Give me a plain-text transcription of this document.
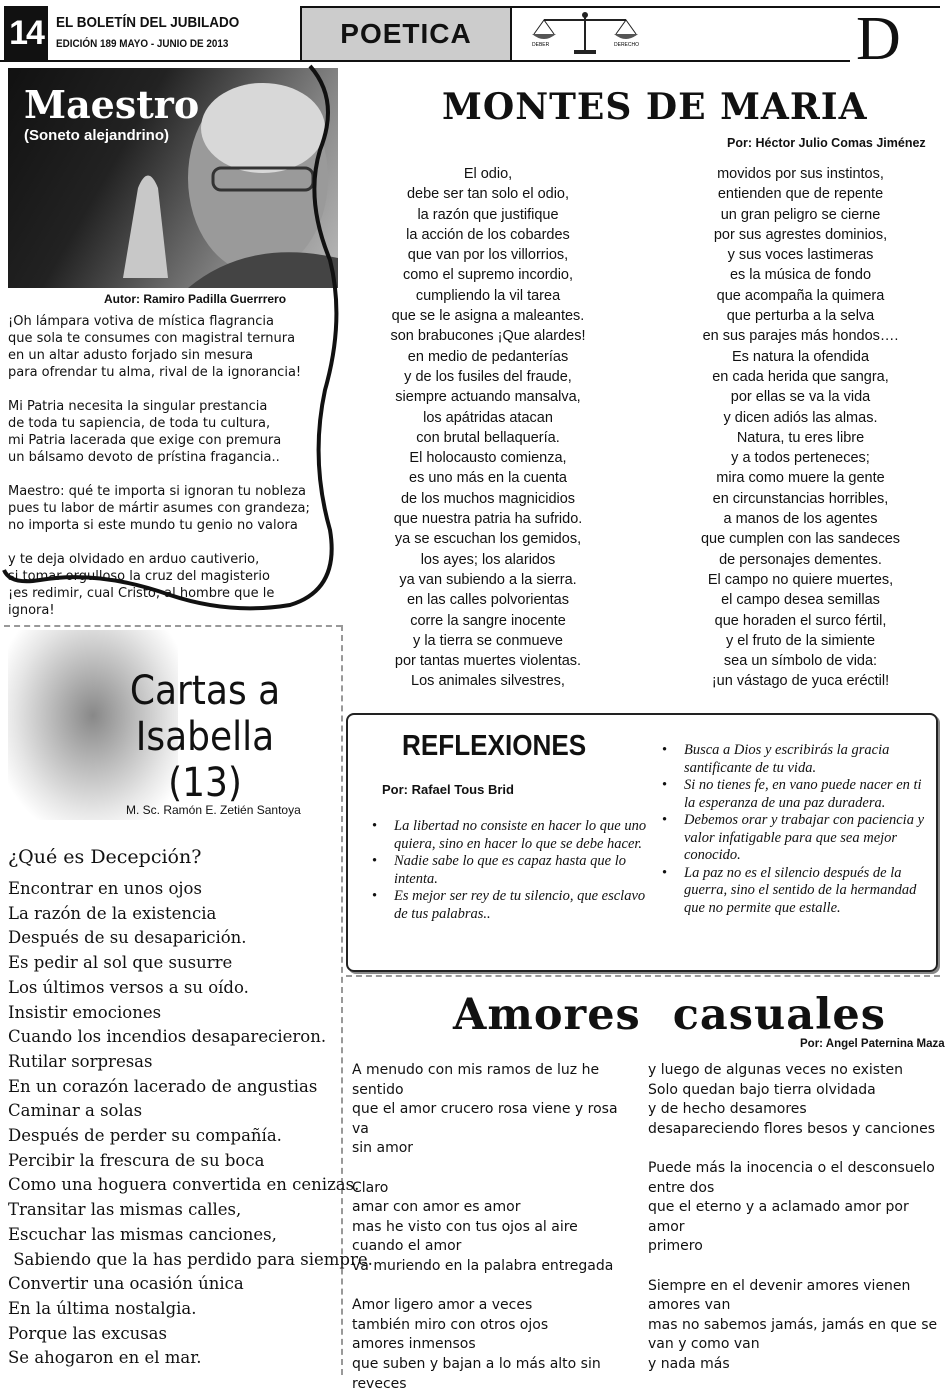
14 EL BOLETÍN DEL JUBILADO
EDICIÓN 189 MAYO - JUNIO DE 2013	POETICA	DEBER	DERECHO	D
Maestro
(Soneto alejandrino)
Autor: Ramiro Padilla Guerrrero
¡Oh lámpara votiva de mística flagrancia
que sola te consumes con magistral ternura
en un altar adusto forjado sin mesura
para ofrendar tu alma, rival de la ignorancia!
Mi Patria necesita la singular prestancia
de toda tu sapiencia, de toda tu cultura,
mi Patria lacerada que exige con premura
un bálsamo devoto de prístina fragancia..
Maestro: qué te importa si ignoran tu nobleza
pues tu labor de mártir asumes con grandeza;
no importa si este mundo tu genio no valora
y te deja olvidado en arduo cautiverio,
si tomar orgulloso la cruz del magisterio
¡es redimir, cual Cristo, al hombre que le ignora!
Cartas a Isabella
(13)
M. Sc. Ramón E. Zetién Santoya
¿Qué es Decepción?
Encontrar en unos ojos
La razón de la existencia
Después de su desaparición.
Es pedir al sol que susurre
Los últimos versos a su oído.
Insistir emociones
Cuando los incendios desaparecieron.
Rutilar sorpresas
En un corazón lacerado de angustias
Caminar a solas
Después de perder su compañía.
Percibir la frescura de su boca
Como una hoguera convertida en cenizas.
Transitar las mismas calles,
Escuchar las mismas canciones,
Sabiendo que la has perdido para siempre.
Convertir una ocasión única
En la última nostalgia.
Porque las excusas
Se ahogaron en el mar.
MONTES DE MARIA
Por: Héctor Julio Comas Jiménez
El odio,
debe ser tan solo el odio,
la razón que justifique
la acción de los cobardes
que van por los villorrios,
como el supremo incordio,
cumpliendo la vil tarea
que se le asigna a maleantes.
son brabucones ¡Que alardes!
en medio de pedanterías
y de los fusiles del fraude,
siempre actuando mansalva,
los apátridas atacan
con brutal bellaquería.
El holocausto comienza,
es uno más en la cuenta
de los muchos magnicidios
que nuestra patria ha sufrido.
ya se escuchan los gemidos,
los ayes; los alaridos
ya van subiendo a la sierra.
en las calles polvorientas
corre la sangre inocente
y la tierra se conmueve
por tantas muertes violentas.
Los animales silvestres,
movidos por sus instintos,
entienden que de repente
un gran peligro se cierne
por sus agrestes dominios,
y sus voces lastimeras
es la música de fondo
que acompaña la quimera
que perturba a la selva
en sus parajes más hondos….
Es natura la ofendida
en cada herida que sangra,
por ellas se va la vida
y dicen adiós las almas.
Natura, tu eres libre
y a todos perteneces;
mira como muere la gente
en circunstancias horribles,
a manos de los agentes
que cumplen con las sandeces
de personajes dementes.
El campo no quiere muertes,
el campo desea semillas
que horaden el surco fértil,
y el fruto de la simiente
sea un símbolo de vida:
¡un vástago de yuca eréctil!
REFLEXIONES
Por: Rafael Tous Brid
• La libertad no consiste en hacer lo que uno quiera, sino en hacer lo que se debe hacer.
• Nadie sabe lo que es capaz hasta que lo intenta.
• Es mejor ser rey de tu silencio, que esclavo de tus palabras..
• Busca a Dios y escribirás la gracia santificante de tu vida.
• Si no tienes fe, en vano puede nacer en ti la esperanza de una paz duradera.
• Debemos orar y trabajar con paciencia y valor infatigable para que sea mejor conocido.
• La paz no es el silencio después de la guerra, sino el sentido de la hermandad que no permite que estalle.
Amores  casuales
Por: Angel Paternina Maza
A menudo con mis ramos de luz he
sentido
que el amor crucero rosa viene y rosa va
sin amor
Claro
amar con amor es amor
mas he visto con tus ojos al aire
cuando el amor
va muriendo en la palabra entregada
Amor ligero amor a veces
también miro con otros ojos
amores inmensos
que suben y bajan a lo más alto sin
reveces
y luego de algunas veces no existen
Solo quedan bajo tierra olvidada
y de hecho desamores
desapareciendo flores besos y canciones
Puede más la inocencia o el desconsuelo
entre dos
que el eterno y a aclamado amor por amor
primero
Siempre en el devenir amores vienen
amores van
mas no sabemos jamás, jamás en que se
van y como van
y nada más
